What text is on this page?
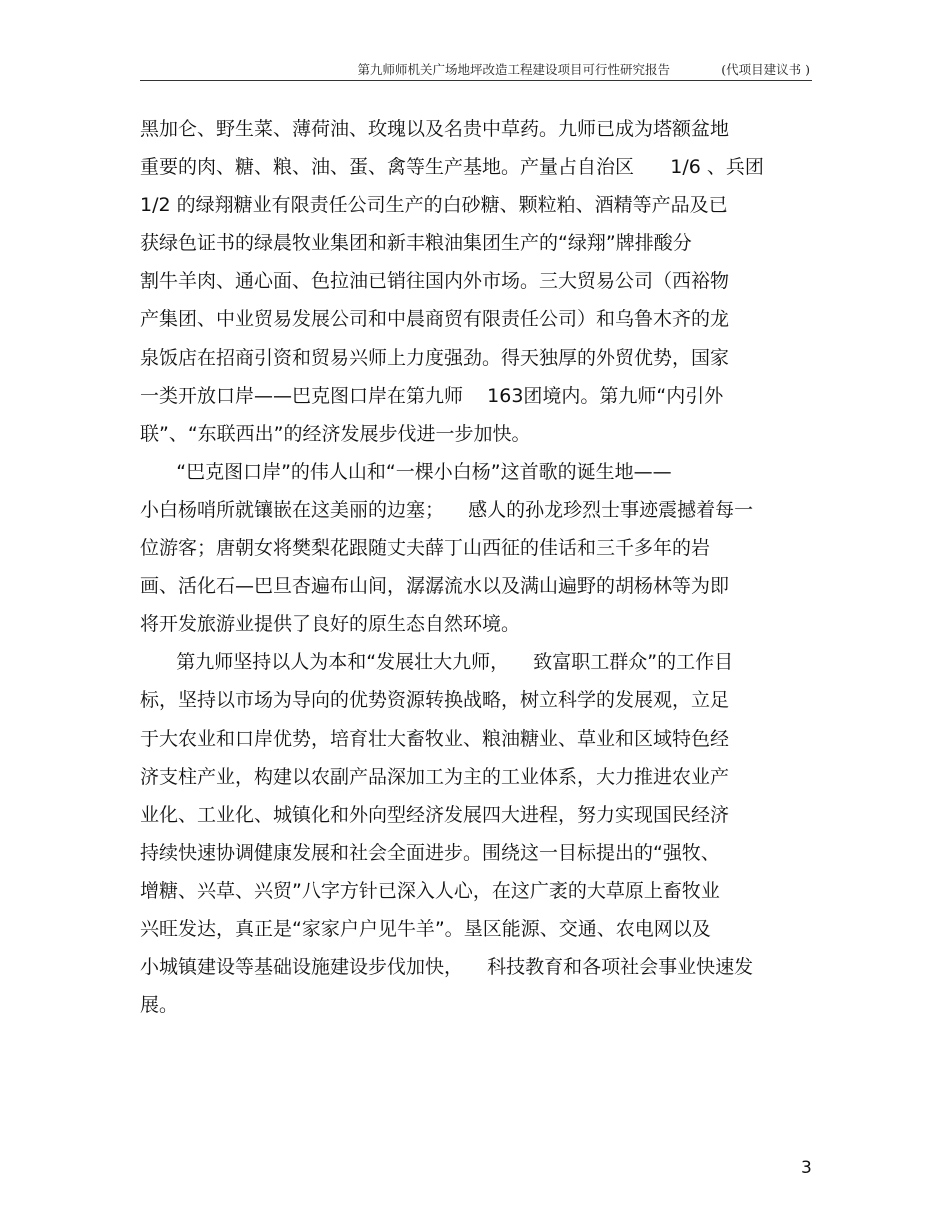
第九师师机关广场地坪改造工程建设项目可行性研究报告	(代项目建议书 )
黑加仑、野生菜、薄荷油、玫瑰以及名贵中草药。九师已成为塔额盆地
重要的肉、糖、粮、油、蛋、禽等生产基地。产量占自治区      1/6 、兵团
1/2 的绿翔糖业有限责任公司生产的白砂糖、颗粒粕、酒精等产品及已
获绿色证书的绿晨牧业集团和新丰粮油集团生产的“绿翔”牌排酸分
割牛羊肉、通心面、色拉油已销往国内外市场。三大贸易公司（西裕物
产集团、中业贸易发展公司和中晨商贸有限责任公司）和乌鲁木齐的龙
泉饭店在招商引资和贸易兴师上力度强劲。得天独厚的外贸优势，国家
一类开放口岸——巴克图口岸在第九师    163团境内。第九师“内引外
联”、“东联西出”的经济发展步伐进一步加快。
“巴克图口岸”的伟人山和“一棵小白杨”这首歌的诞生地——
小白杨哨所就镶嵌在这美丽的边塞；    感人的孙龙珍烈士事迹震撼着每一
位游客；唐朝女将樊梨花跟随丈夫薛丁山西征的佳话和三千多年的岩
画、活化石—巴旦杏遍布山间，潺潺流水以及满山遍野的胡杨林等为即
将开发旅游业提供了良好的原生态自然环境。
第九师坚持以人为本和“发展壮大九师，    致富职工群众”的工作目
标，坚持以市场为导向的优势资源转换战略，树立科学的发展观，立足
于大农业和口岸优势，培育壮大畜牧业、粮油糖业、草业和区域特色经
济支柱产业，构建以农副产品深加工为主的工业体系，大力推进农业产
业化、工业化、城镇化和外向型经济发展四大进程，努力实现国民经济
持续快速协调健康发展和社会全面进步。围绕这一目标提出的“强牧、
增糖、兴草、兴贸”八字方针已深入人心，在这广袤的大草原上畜牧业
兴旺发达，真正是“家家户户见牛羊”。垦区能源、交通、农电网以及
小城镇建设等基础设施建设步伐加快，    科技教育和各项社会事业快速发
展。
3
